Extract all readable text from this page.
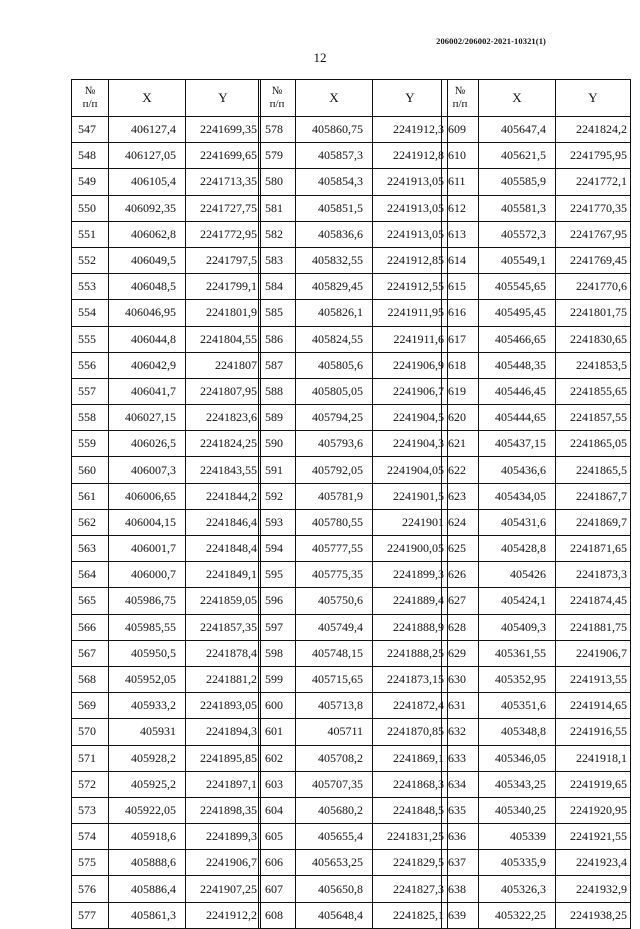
206002/206002-2021-10321(1)
12
№
п/п	X	Y
547	406127,4	2241699,35
548	406127,05	2241699,65
549	406105,4	2241713,35
550	406092,35	2241727,75
551	406062,8	2241772,95
552	406049,5	2241797,5
553	406048,5	2241799,1
554	406046,95	2241801,9
555	406044,8	2241804,55
556	406042,9	2241807
557	406041,7	2241807,95
558	406027,15	2241823,6
559	406026,5	2241824,25
560	406007,3	2241843,55
561	406006,65	2241844,2
562	406004,15	2241846,4
563	406001,7	2241848,4
564	406000,7	2241849,1
565	405986,75	2241859,05
566	405985,55	2241857,35
567	405950,5	2241878,4
568	405952,05	2241881,2
569	405933,2	2241893,05
570	405931	2241894,3
571	405928,2	2241895,85
572	405925,2	2241897,1
573	405922,05	2241898,35
574	405918,6	2241899,3
575	405888,6	2241906,7
576	405886,4	2241907,25
577	405861,3	2241912,2
№
п/п	X	Y
578	405860,75	2241912,3
579	405857,3	2241912,8
580	405854,3	2241913,05
581	405851,5	2241913,05
582	405836,6	2241913,05
583	405832,55	2241912,85
584	405829,45	2241912,55
585	405826,1	2241911,95
586	405824,55	2241911,6
587	405805,6	2241906,9
588	405805,05	2241906,7
589	405794,25	2241904,5
590	405793,6	2241904,3
591	405792,05	2241904,05
592	405781,9	2241901,5
593	405780,55	2241901
594	405777,55	2241900,05
595	405775,35	2241899,3
596	405750,6	2241889,4
597	405749,4	2241888,9
598	405748,15	2241888,25
599	405715,65	2241873,15
600	405713,8	2241872,4
601	405711	2241870,85
602	405708,2	2241869,1
603	405707,35	2241868,3
604	405680,2	2241848,5
605	405655,4	2241831,25
606	405653,25	2241829,5
607	405650,8	2241827,3
608	405648,4	2241825,1
№
п/п	X	Y
609	405647,4	2241824,2
610	405621,5	2241795,95
611	405585,9	2241772,1
612	405581,3	2241770,35
613	405572,3	2241767,95
614	405549,1	2241769,45
615	405545,65	2241770,6
616	405495,45	2241801,75
617	405466,65	2241830,65
618	405448,35	2241853,5
619	405446,45	2241855,65
620	405444,65	2241857,55
621	405437,15	2241865,05
622	405436,6	2241865,5
623	405434,05	2241867,7
624	405431,6	2241869,7
625	405428,8	2241871,65
626	405426	2241873,3
627	405424,1	2241874,45
628	405409,3	2241881,75
629	405361,55	2241906,7
630	405352,95	2241913,55
631	405351,6	2241914,65
632	405348,8	2241916,55
633	405346,05	2241918,1
634	405343,25	2241919,65
635	405340,25	2241920,95
636	405339	2241921,55
637	405335,9	2241923,4
638	405326,3	2241932,9
639	405322,25	2241938,25
